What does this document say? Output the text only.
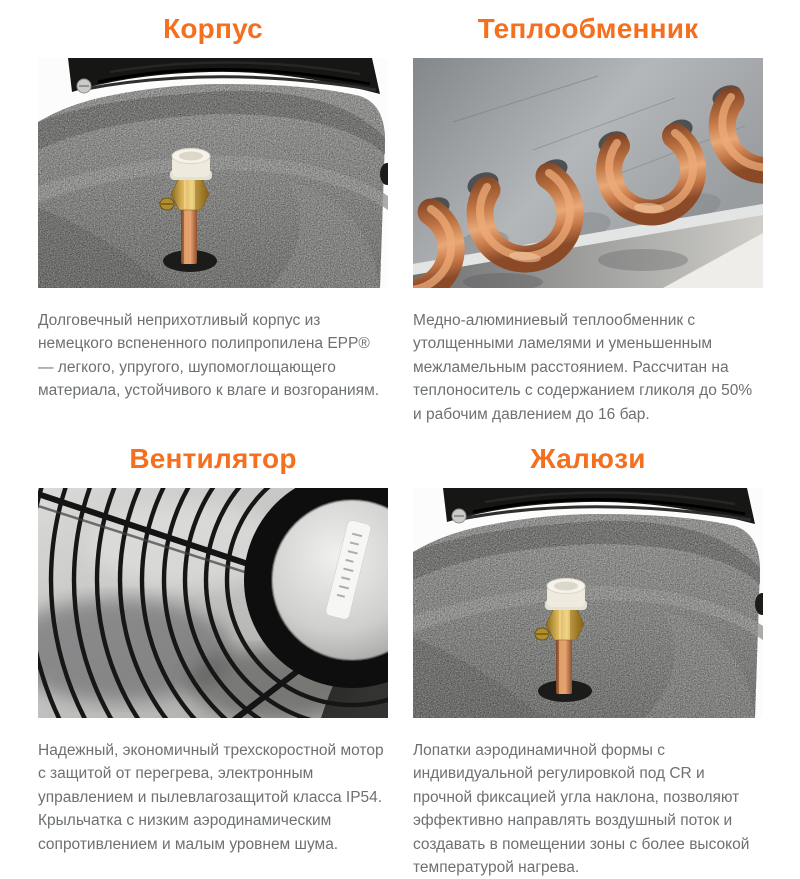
Корпус

Долговечный неприхотливый корпус из немецкого вспененного полипропилена EPP® — легкого, упругого, шупомоглощающего материала, устойчивого к влаге и возгораниям.

Теплообменник

Медно-алюминиевый теплообменник с утолщенными ламелями и уменьшенным межламельным расстоянием. Рассчитан на теплоноситель с содержанием гликоля до 50% и рабочим давлением до 16 бар.

Вентилятор

Надежный, экономичный трехскоростной мотор с защитой от перегрева, электронным управлением и пылевлагозащитой класса IP54. Крыльчатка с низким аэродинамическим сопротивлением и малым уровнем шума.

Жалюзи

Лопатки аэродинамичной формы с индивидуальной регулировкой под CR и прочной фиксацией угла наклона, позволяют эффективно направлять воздушный поток и создавать в помещении зоны с более высокой температурой нагрева.
